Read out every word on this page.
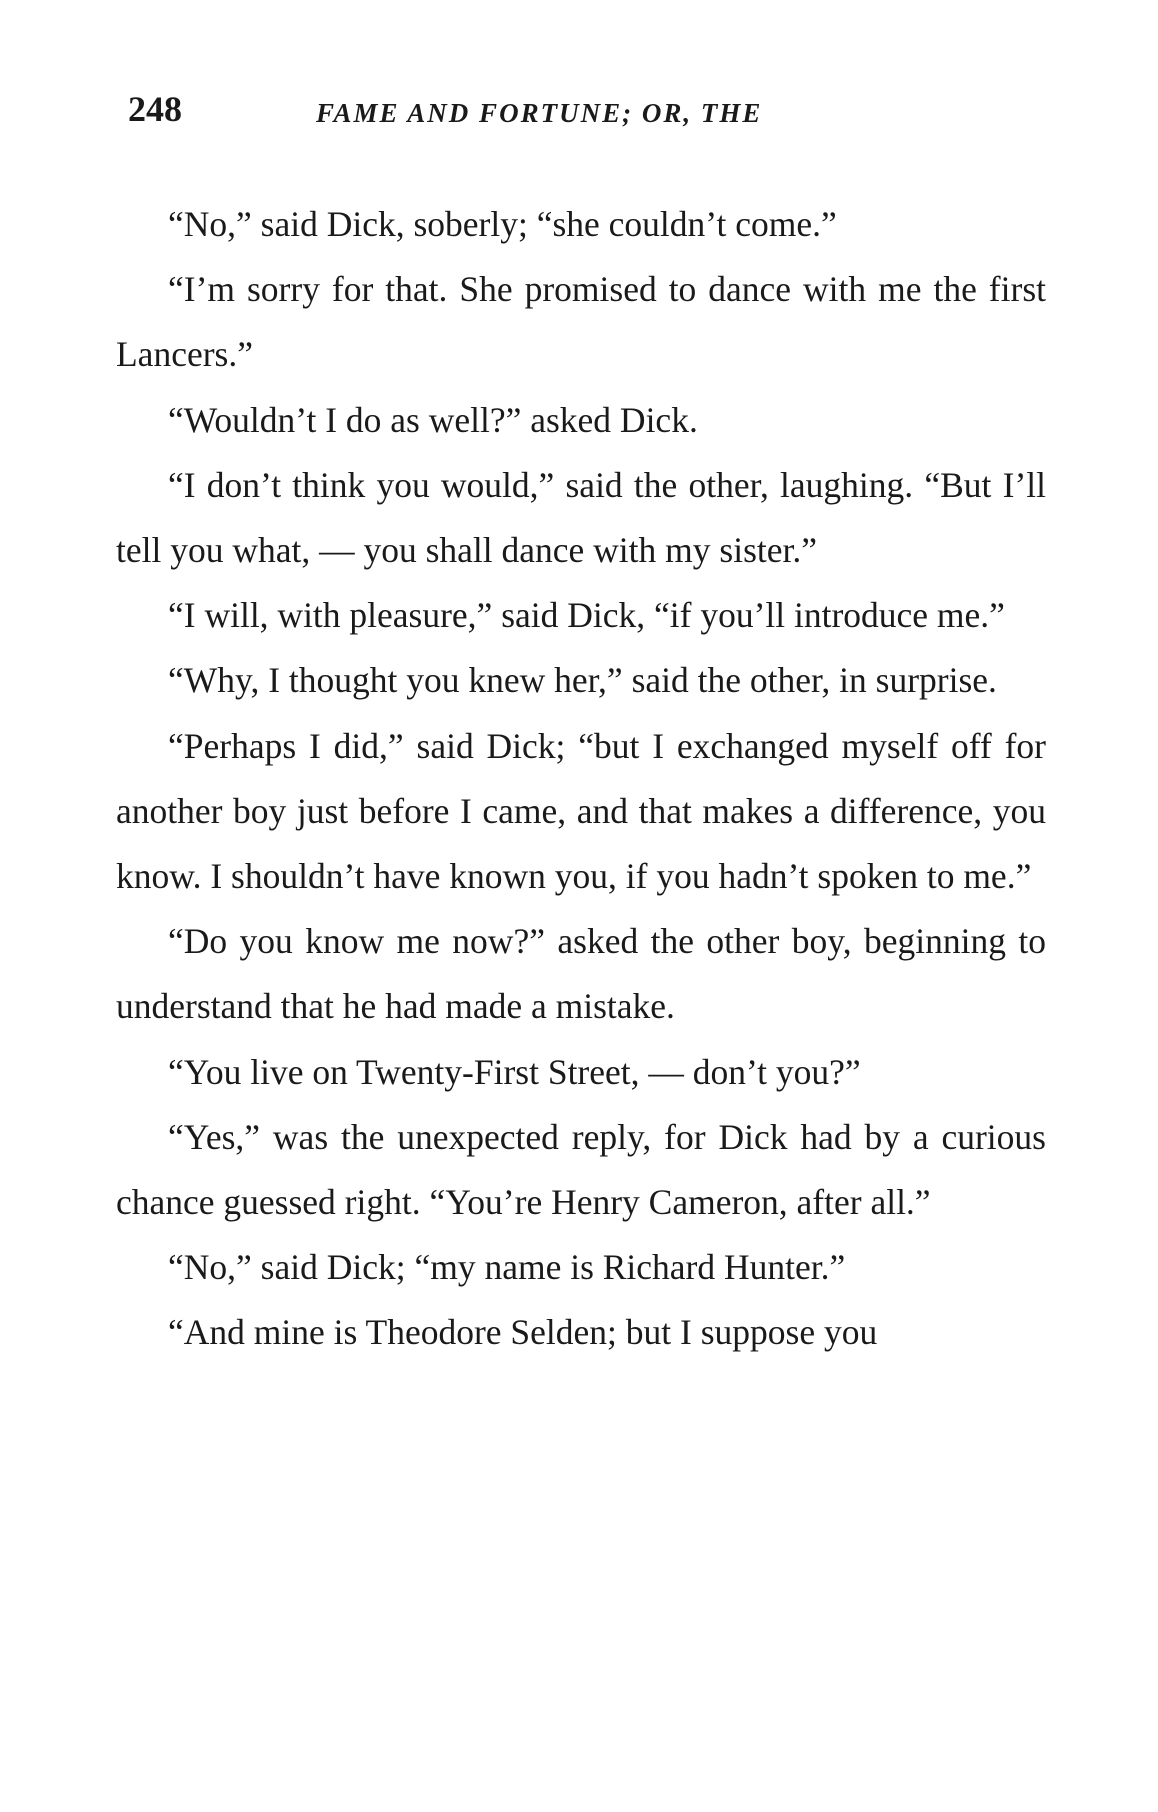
248	FAME AND FORTUNE; OR, THE

“No,” said Dick, soberly; “she couldn’t come.”

“I’m sorry for that. She promised to dance with me the first Lancers.”

“Wouldn’t I do as well?” asked Dick.

“I don’t think you would,” said the other, laughing. “But I’ll tell you what, — you shall dance with my sister.”

“I will, with pleasure,” said Dick, “if you’ll introduce me.”

“Why, I thought you knew her,” said the other, in surprise.

“Perhaps I did,” said Dick; “but I exchanged myself off for another boy just before I came, and that makes a difference, you know. I shouldn’t have known you, if you hadn’t spoken to me.”

“Do you know me now?” asked the other boy, beginning to understand that he had made a mistake.

“You live on Twenty-First Street, — don’t you?”

“Yes,” was the unexpected reply, for Dick had by a curious chance guessed right. “You’re Henry Cameron, after all.”

“No,” said Dick; “my name is Richard Hunter.”

“And mine is Theodore Selden; but I suppose you
